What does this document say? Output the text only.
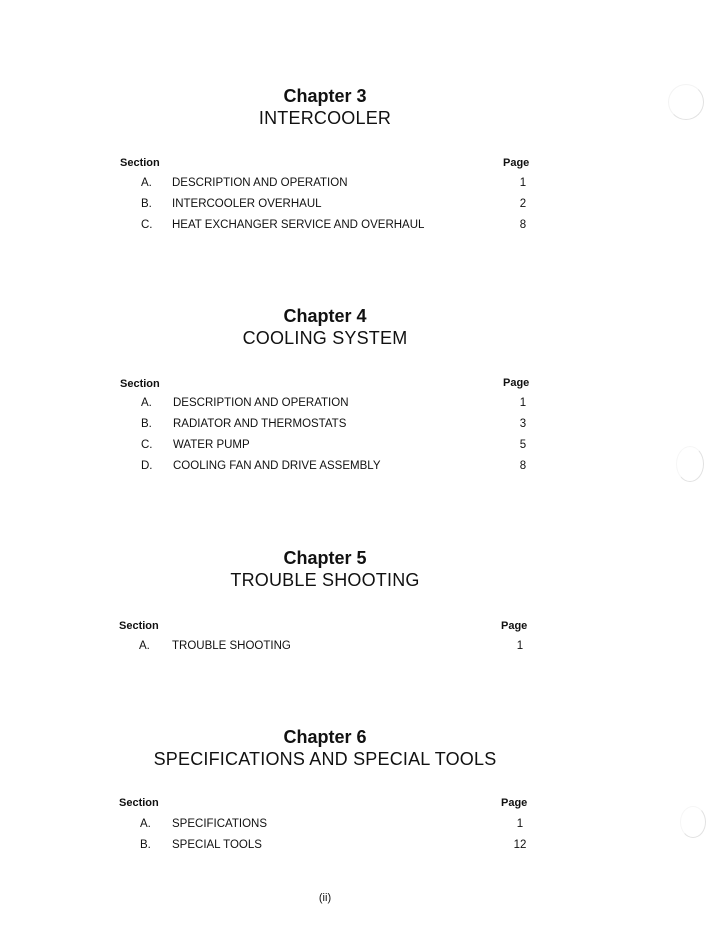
Chapter 3
INTERCOOLER
Section	Page
A. DESCRIPTION AND OPERATION	1
B. INTERCOOLER OVERHAUL	2
C. HEAT EXCHANGER SERVICE AND OVERHAUL	8
Chapter 4
COOLING SYSTEM
Section	Page
A. DESCRIPTION AND OPERATION	1
B. RADIATOR AND THERMOSTATS	3
C. WATER PUMP	5
D. COOLING FAN AND DRIVE ASSEMBLY	8
Chapter 5
TROUBLE SHOOTING
Section	Page
A. TROUBLE SHOOTING	1
Chapter 6
SPECIFICATIONS AND SPECIAL TOOLS
Section	Page
A. SPECIFICATIONS	1
B. SPECIAL TOOLS	12
(ii)
